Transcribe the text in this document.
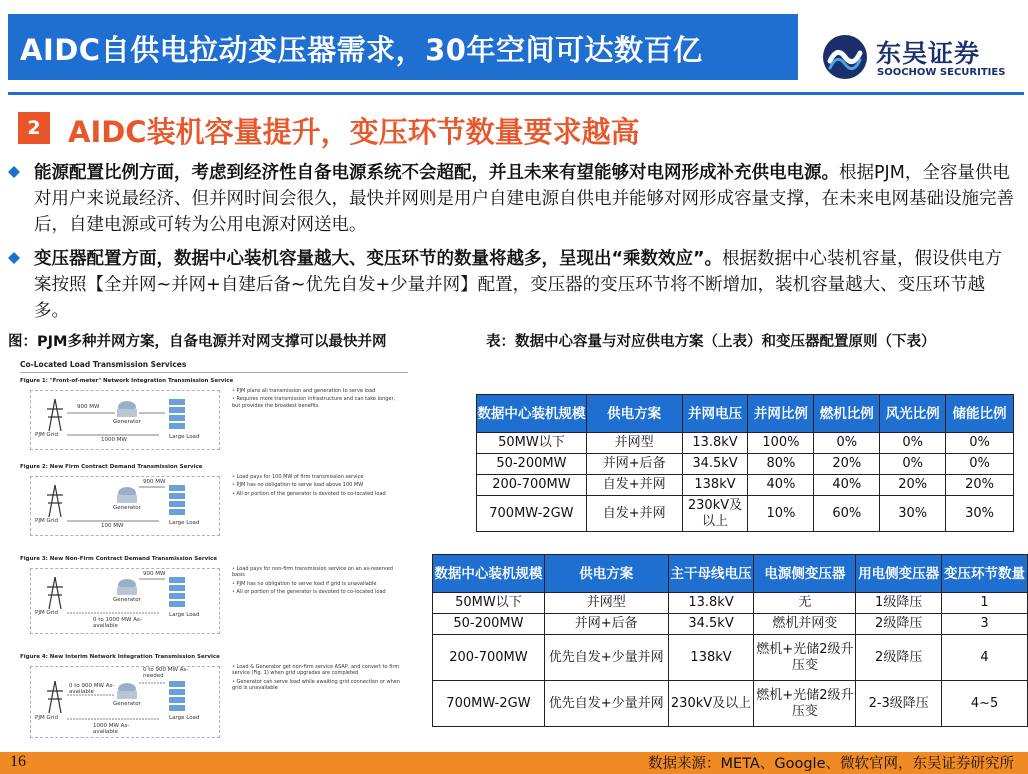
AIDC自供电拉动变压器需求，30年空间可达数百亿	东吴证券
SOOCHOW SECURITIES
2 AIDC装机容量提升，变压环节数量要求越高
能源配置比例方面，考虑到经济性自备电源系统不会超配，并且未来有望能够对电网形成补充供电电源。根据PJM，全容量供电对用户来说最经济、但并网时间会很久，最快并网则是用户自建电源自供电并能够对网形成容量支撑，在未来电网基础设施完善后，自建电源或可转为公用电源对网送电。
变压器配置方面，数据中心装机容量越大、变压环节的数量将越多，呈现出“乘数效应”。根据数据中心装机容量，假设供电方案按照【全并网~并网+自建后备~优先自发+少量并网】配置，变压器的变压环节将不断增加，装机容量越大、变压环节越多。
图：PJM多种并网方案，自备电源并对网支撑可以最快并网	表：数据中心容量与对应供电方案（上表）和变压器配置原则（下表）
Co-Located Load Transmission Services
Figure 1: "Front-of-meter" Network Integration Transmission Service
900 MW
1000 MW
PJM Grid
Generator
Large Load
• PJM plans all transmission and generation to serve load
• Requires more transmission infrastructure and can take longer, but provides the broadest benefits
Figure 2: New Firm Contract Demand Transmission Service
900 MW
100 MW
PJM Grid
Generator
Large Load
• Load pays for 100 MW of firm transmission service
• PJM has no obligation to serve load above 100 MW
• All or portion of the generator is devoted to co-located load
Figure 3: New Non-Firm Contract Demand Transmission Service
900 MW
0 to 1000 MW As-available
PJM Grid
Generator
Large Load
• Load pays for non-firm transmission service on an as-reserved basis
• PJM has no obligation to serve load if grid is unavailable
• All or portion of the generator is devoted to co-located load
Figure 4: New Interim Network Integration Transmission Service
0 to 900 MW As-needed
0 to 900 MW As-available
1000 MW As-available
PJM Grid
Generator
Large Load
• Load & Generator get non-firm service ASAP, and convert to firm service (Fig. 1) when grid upgrades are completed
• Generator can serve load while awaiting grid connection or when grid is unavailable
数据中心装机规模	供电方案	并网电压	并网比例	燃机比例	风光比例	储能比例
50MW以下	并网型	13.8kV	100%	0%	0%	0%
50-200MW	并网+后备	34.5kV	80%	20%	0%	0%
200-700MW	自发+并网	138kV	40%	40%	20%	20%
700MW-2GW	自发+并网	230kV及以上	10%	60%	30%	30%
数据中心装机规模	供电方案	主干母线电压	电源侧变压器	用电侧变压器	变压环节数量
50MW以下	并网型	13.8kV	无	1级降压	1
50-200MW	并网+后备	34.5kV	燃机并网变	2级降压	3
200-700MW	优先自发+少量并网	138kV	燃机+光储2级升压变	2级降压	4
700MW-2GW	优先自发+少量并网	230kV及以上	燃机+光储2级升压变	2-3级降压	4~5
16	数据来源：META、Google、微软官网，东吴证券研究所
